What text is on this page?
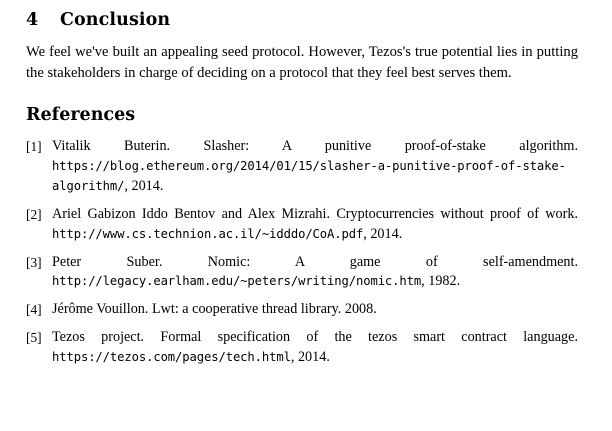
4 Conclusion

We feel we've built an appealing seed protocol. However, Tezos's true potential lies in putting the stakeholders in charge of deciding on a protocol that they feel best serves them.

References
[1] Vitalik Buterin. Slasher: A punitive proof-of-stake algorithm. https://blog.ethereum.org/2014/01/15/slasher-a-punitive-proof-of-stake-algorithm/, 2014.
[2] Ariel Gabizon Iddo Bentov and Alex Mizrahi. Cryptocurrencies without proof of work. http://www.cs.technion.ac.il/~idddo/CoA.pdf, 2014.
[3] Peter Suber. Nomic: A game of self-amendment. http://legacy.earlham.edu/~peters/writing/nomic.htm, 1982.
[4] Jérôme Vouillon. Lwt: a cooperative thread library. 2008.
[5] Tezos project. Formal specification of the tezos smart contract language. https://tezos.com/pages/tech.html, 2014.
